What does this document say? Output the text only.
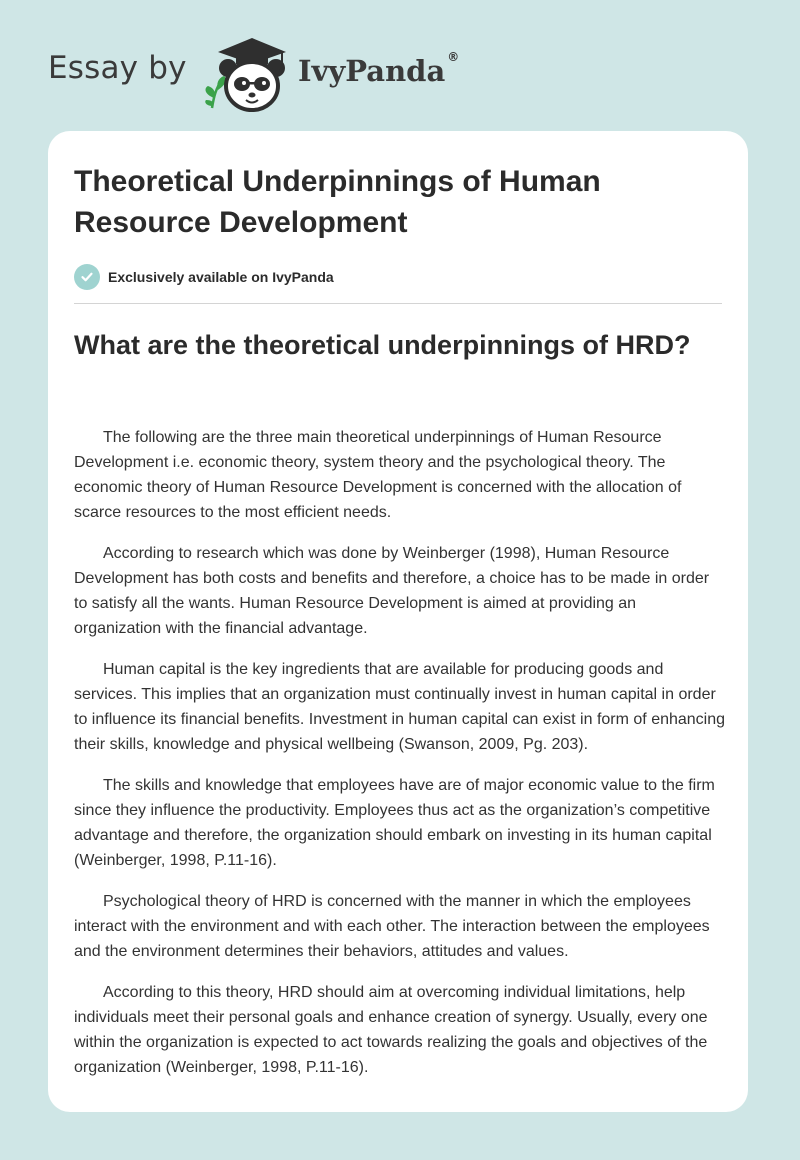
Essay by	IvyPanda ®
Theoretical Underpinnings of Human Resource Development
Exclusively available on IvyPanda
What are the theoretical underpinnings of HRD?

The following are the three main theoretical underpinnings of Human Resource Development i.e. economic theory, system theory and the psychological theory. The economic theory of Human Resource Development is concerned with the allocation of scarce resources to the most efficient needs.

According to research which was done by Weinberger (1998), Human Resource Development has both costs and benefits and therefore, a choice has to be made in order to satisfy all the wants. Human Resource Development is aimed at providing an organization with the financial advantage.

Human capital is the key ingredients that are available for producing goods and services. This implies that an organization must continually invest in human capital in order to influence its financial benefits. Investment in human capital can exist in form of enhancing their skills, knowledge and physical wellbeing (Swanson, 2009, Pg. 203).

The skills and knowledge that employees have are of major economic value to the firm since they influence the productivity. Employees thus act as the organization’s competitive advantage and therefore, the organization should embark on investing in its human capital (Weinberger, 1998, P.11-16).

Psychological theory of HRD is concerned with the manner in which the employees interact with the environment and with each other. The interaction between the employees and the environment determines their behaviors, attitudes and values.

According to this theory, HRD should aim at overcoming individual limitations, help individuals meet their personal goals and enhance creation of synergy. Usually, every one within the organization is expected to act towards realizing the goals and objectives of the organization (Weinberger, 1998, P.11-16).
